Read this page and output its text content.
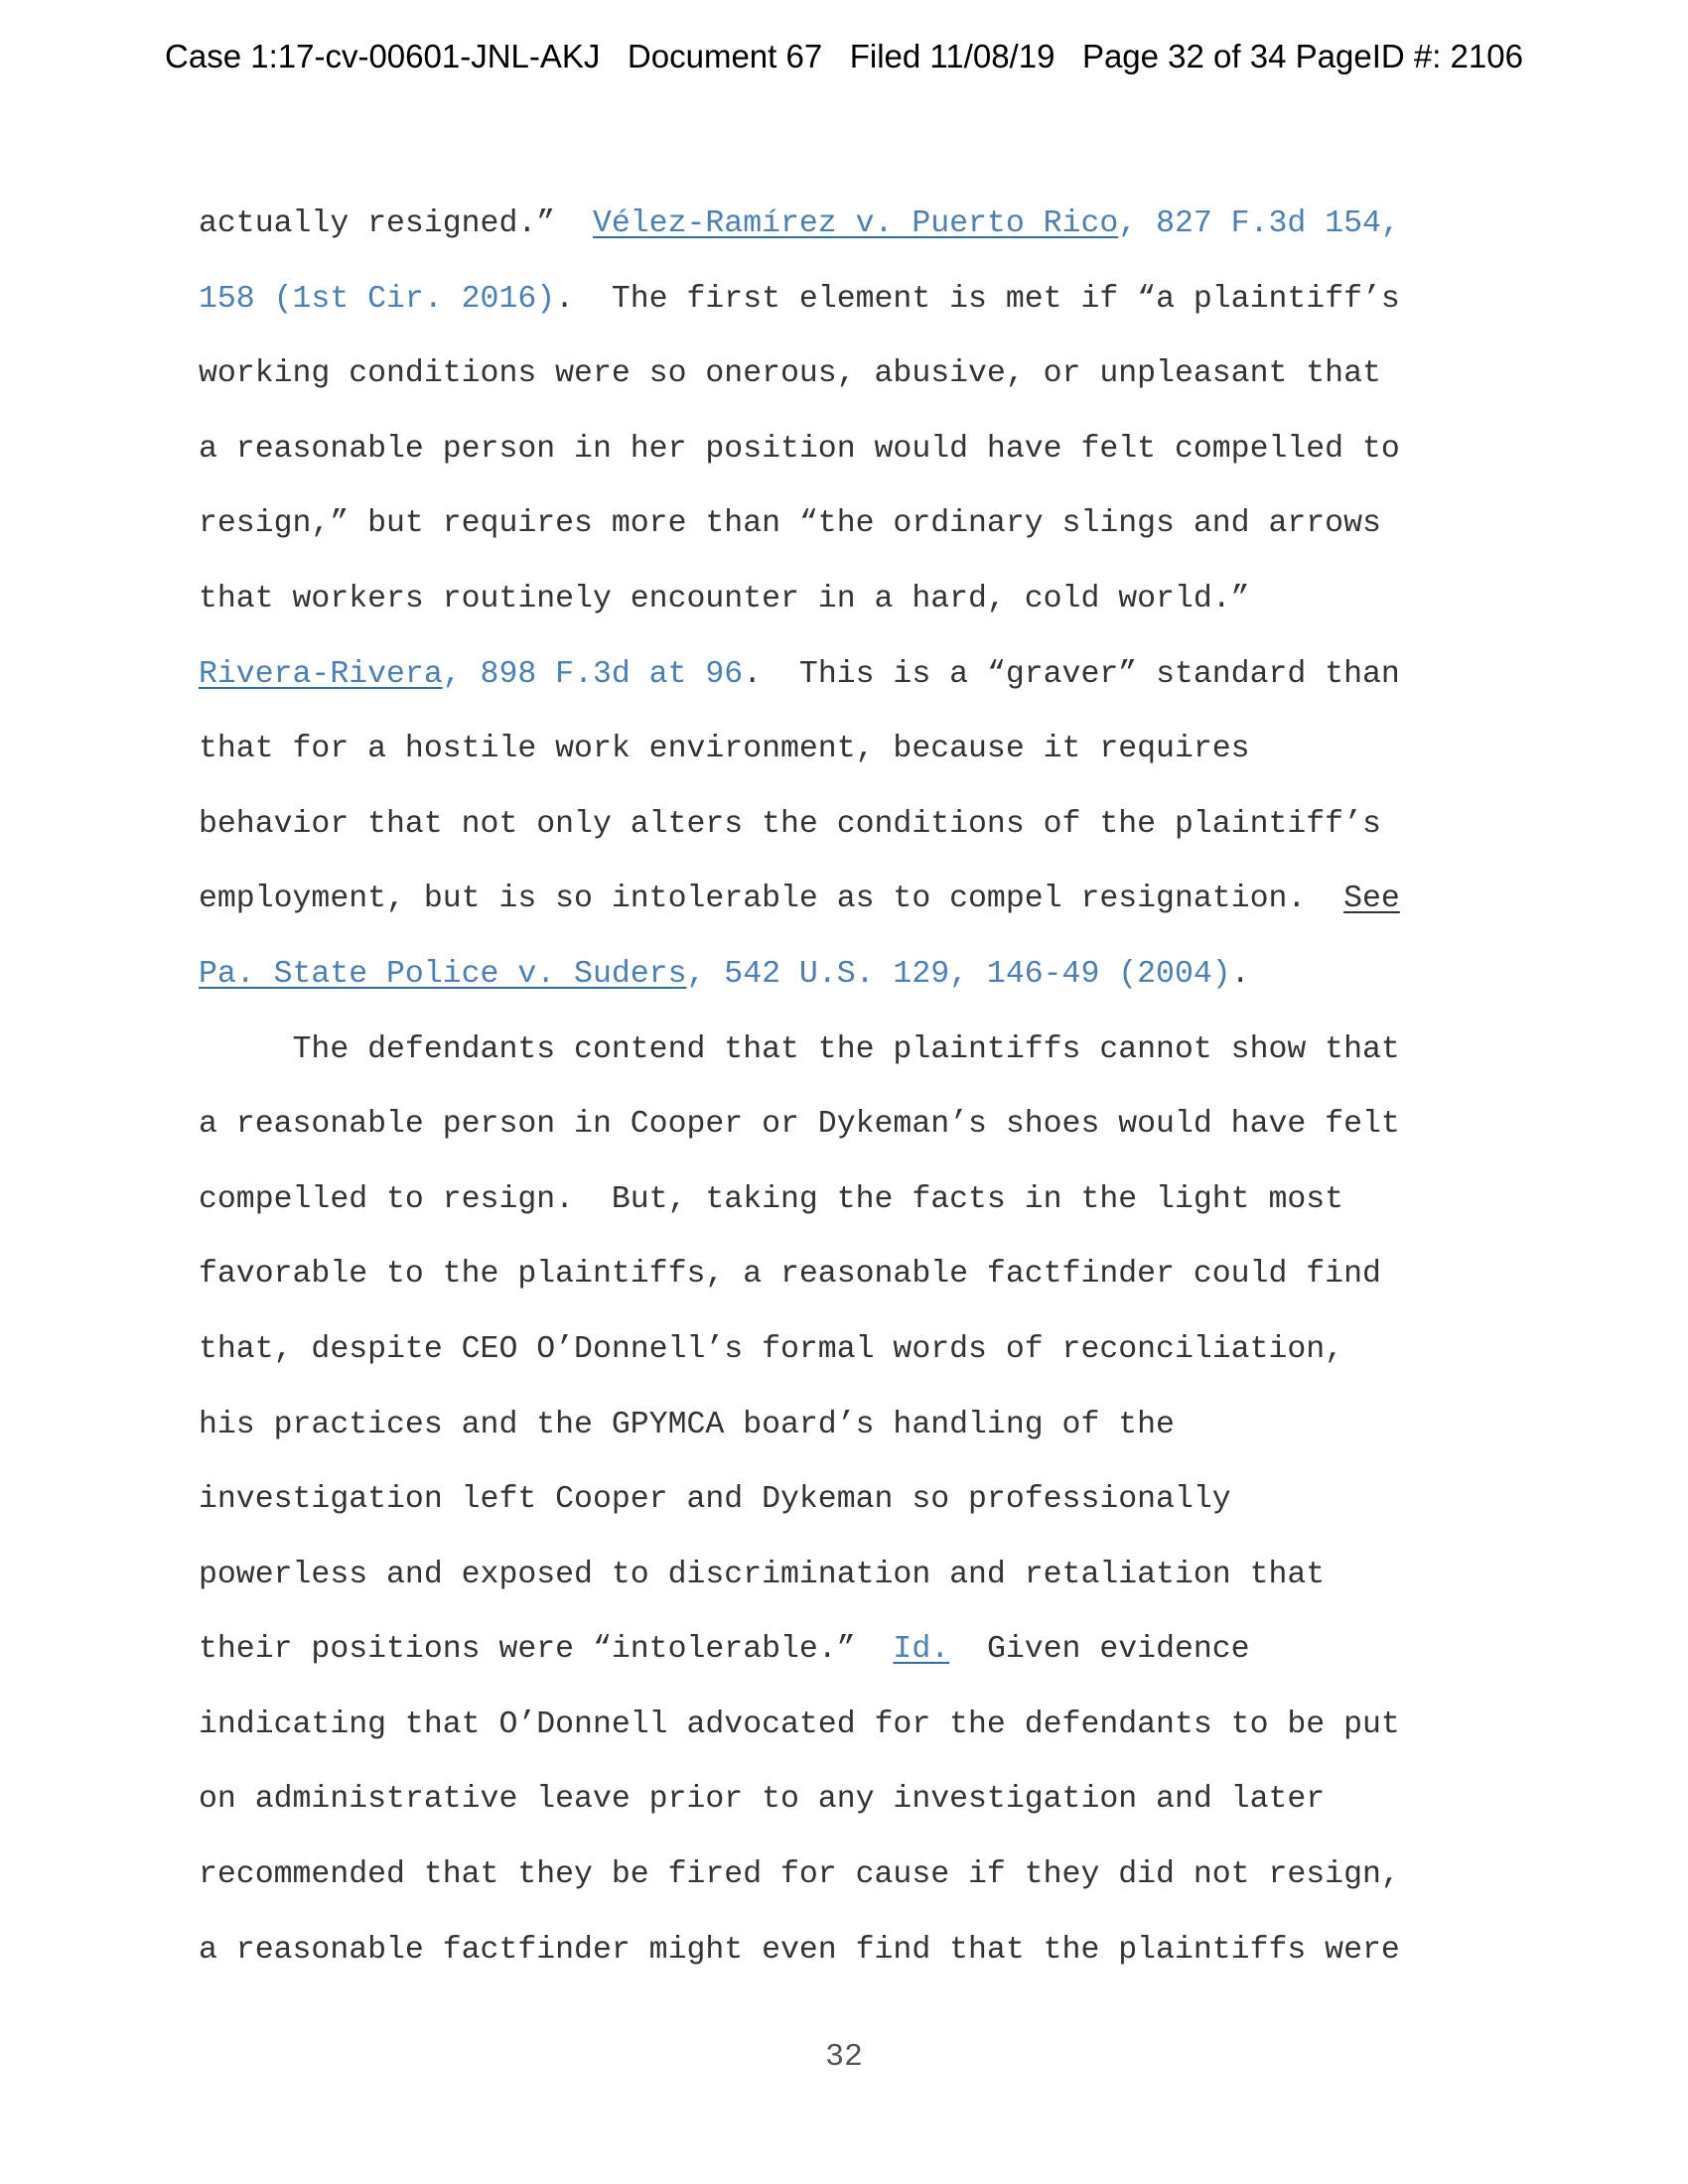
Case 1:17-cv-00601-JNL-AKJ Document 67 Filed 11/08/19 Page 32 of 34 PageID #: 2106
actually resigned.”  Vélez-Ramírez v. Puerto Rico, 827 F.3d 154,
158 (1st Cir. 2016).  The first element is met if “a plaintiff’s
working conditions were so onerous, abusive, or unpleasant that
a reasonable person in her position would have felt compelled to
resign,” but requires more than “the ordinary slings and arrows
that workers routinely encounter in a hard, cold world.”
Rivera-Rivera, 898 F.3d at 96.  This is a “graver” standard than
that for a hostile work environment, because it requires
behavior that not only alters the conditions of the plaintiff’s
employment, but is so intolerable as to compel resignation.  See
Pa. State Police v. Suders, 542 U.S. 129, 146-49 (2004).
The defendants contend that the plaintiffs cannot show that
a reasonable person in Cooper or Dykeman’s shoes would have felt
compelled to resign.  But, taking the facts in the light most
favorable to the plaintiffs, a reasonable factfinder could find
that, despite CEO O’Donnell’s formal words of reconciliation,
his practices and the GPYMCA board’s handling of the
investigation left Cooper and Dykeman so professionally
powerless and exposed to discrimination and retaliation that
their positions were “intolerable.”  Id.  Given evidence
indicating that O’Donnell advocated for the defendants to be put
on administrative leave prior to any investigation and later
recommended that they be fired for cause if they did not resign,
a reasonable factfinder might even find that the plaintiffs were
32
